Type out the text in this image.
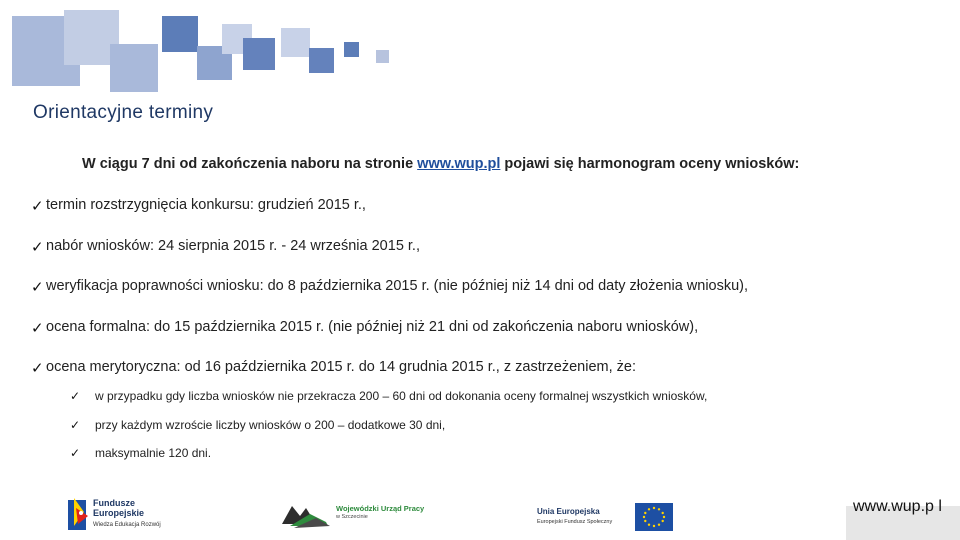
Orientacyjne terminy
W ciągu 7 dni od zakończenia naboru na stronie www.wup.pl pojawi się harmonogram oceny wniosków:
✓ termin rozstrzygnięcia konkursu: grudzień 2015 r.,
✓ nabór wniosków: 24 sierpnia 2015 r. - 24 września 2015 r.,
✓ weryfikacja poprawności wniosku: do 8 października 2015 r. (nie później niż 14 dni od daty złożenia wniosku),
✓ ocena formalna: do 15 października 2015 r. (nie później niż 21 dni od zakończenia naboru wniosków),
✓ ocena merytoryczna: od 16 października 2015 r. do 14 grudnia 2015 r., z zastrzeżeniem, że:
✓	w przypadku gdy liczba wniosków nie przekracza 200 – 60 dni od dokonania oceny formalnej wszystkich wniosków,
✓	przy każdym wzroście liczby wniosków o 200 – dodatkowe 30 dni,
✓	maksymalnie 120 dni.
Fundusze
Europejskie
Wiedza Edukacja Rozwój
Wojewódzki Urząd Pracy
w Szczecinie
Unia Europejska
Europejski Fundusz Społeczny
www.wup.p l
